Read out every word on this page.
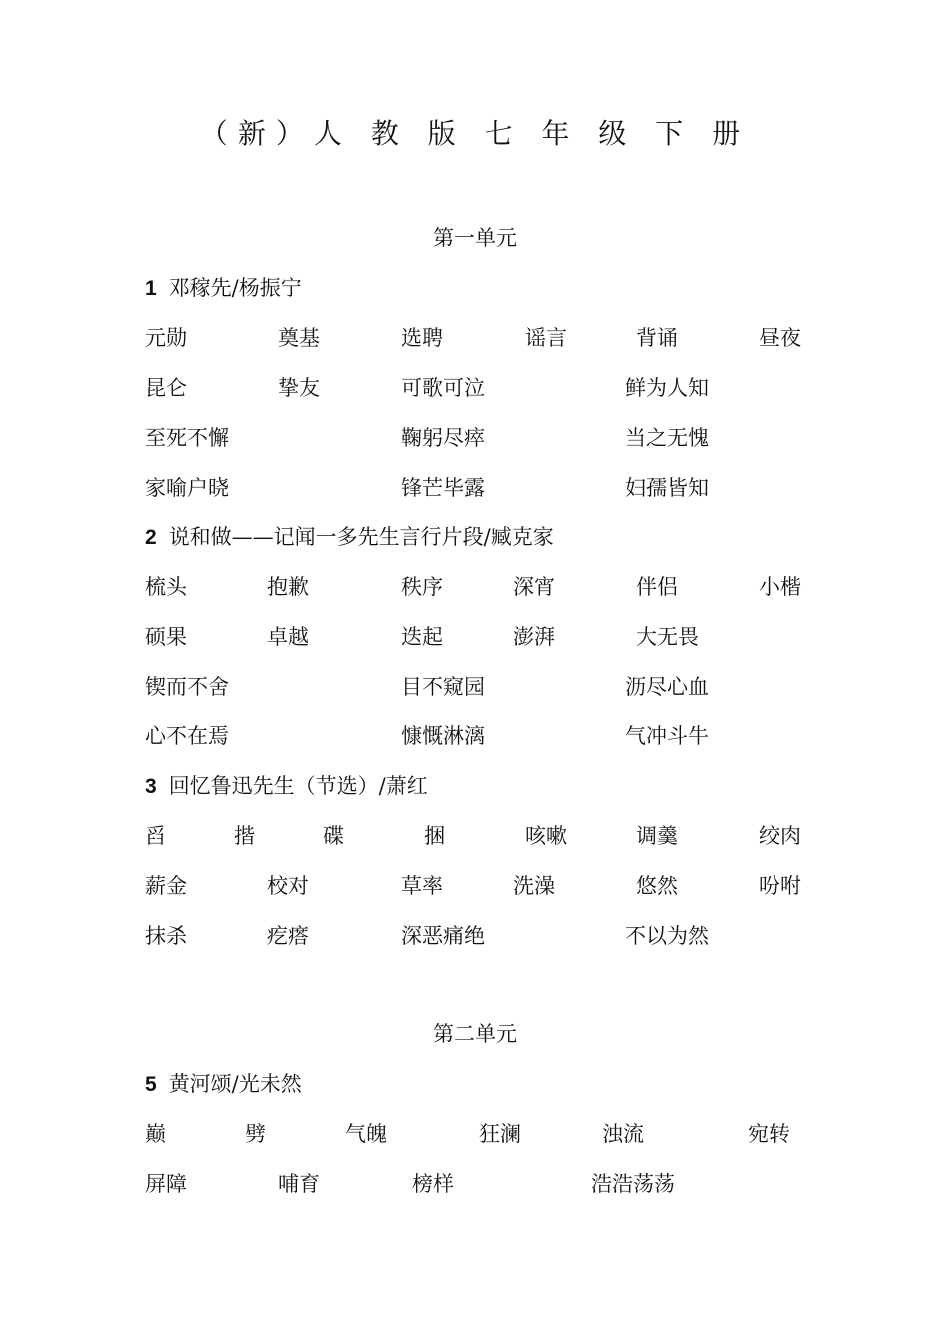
（新）人 教 版 七 年 级 下 册
第一单元
1 邓稼先/杨振宁
元勋	奠基	选聘	谣言	背诵	昼夜
昆仑	挚友	可歌可泣	鲜为人知
至死不懈	鞠躬尽瘁	当之无愧
家喻户晓	锋芒毕露	妇孺皆知
2 说和做——记闻一多先生言行片段/臧克家
梳头	抱歉	秩序	深宵	伴侣	小楷
硕果	卓越	迭起	澎湃	大无畏
锲而不舍	目不窥园	沥尽心血
心不在焉	慷慨淋漓	气冲斗牛
3 回忆鲁迅先生（节选）/萧红
舀	揩	碟	捆	咳嗽	调羹	绞肉
薪金	校对	草率	洗澡	悠然	吩咐
抹杀	疙瘩	深恶痛绝	不以为然
第二单元
5 黄河颂/光未然
巅	劈	气魄	狂澜	浊流	宛转
屏障	哺育	榜样	浩浩荡荡
